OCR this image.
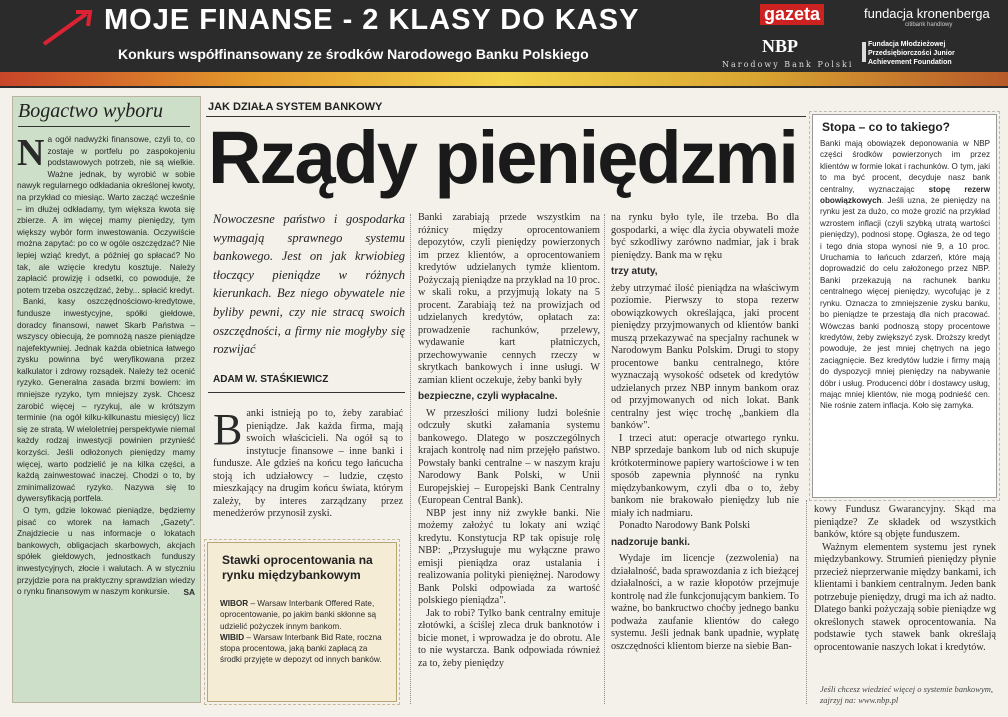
MOJE FINANSE - 2 KLASY DO KASY
Konkurs współfinansowany ze środków Narodowego Banku Polskiego
gazeta
NBP
Narodowy Bank Polski
fundacja kronenberga
citibank handlowy
Fundacja Młodzieżowej Przedsiębiorczości Junior Achievement Foundation
Bogactwo wyboru
N a ogół nadwyżki finansowe, czyli to, co zostaje w portfelu po zaspokojeniu podstawowych potrzeb, nie są wielkie. Ważne jednak, by wyrobić w sobie nawyk regularnego odkładania określonej kwoty, na przykład co miesiąc. Warto zacząć wcześnie – im dłużej odkładamy, tym większa kwota się zbierze. A im więcej mamy pieniędzy, tym większy wybór form inwestowania. Oczywiście można zapytać: po co w ogóle oszczędzać? Nie lepiej wziąć kredyt, a później go spłacać? No tak, ale wzięcie kredytu kosztuje. Należy zapłacić prowizję i odsetki, co powoduje, że potem trzeba oszczędzać, żeby... spłacić kredyt.

Banki, kasy oszczędnościowo-kredytowe, fundusze inwestycyjne, spółki giełdowe, doradcy finansowi, nawet Skarb Państwa – wszyscy obiecują, że pomnożą nasze pieniądze najefektywniej. Jednak każda obietnica łatwego zysku powinna być weryfikowana przez kalkulator i zdrowy rozsądek. Należy też ocenić ryzyko. Generalna zasada brzmi bowiem: im mniejsze ryzyko, tym mniejszy zysk. Chcesz zarobić więcej – ryzykuj, ale w krótszym terminie (na ogół kilku-kilkunastu miesięcy) licz się ze stratą. W wieloletniej perspektywie niemal każdy rodzaj inwestycji powinien przynieść korzyści. Jeśli odłożonych pieniędzy mamy więcej, warto podzielić je na kilka części, a każdą zainwestować inaczej. Chodzi o to, by zminimalizować ryzyko. Nazywa się to dywersyfikacją portfela.

O tym, gdzie lokować pieniądze, będziemy pisać co wtorek na łamach „Gazety". Znajdziecie u nas informacje o lokatach bankowych, obligacjach skarbowych, akcjach spółek giełdowych, jednostkach funduszy inwestycyjnych, złocie i walutach. A w styczniu przyjdzie pora na praktyczny sprawdzian wiedzy o rynku finansowym w naszym konkursie.	SA

JAK DZIAŁA SYSTEM BANKOWY
Rządy pieniędzmi
Nowoczesne państwo i gospodarka wymagają sprawnego systemu bankowego. Jest on jak krwiobieg tłoczący pieniądze w różnych kierunkach. Bez niego obywatele nie byliby pewni, czy nie stracą swoich oszczędności, a firmy nie mogłyby się rozwijać
ADAM W. STAŚKIEWICZ
B anki istnieją po to, żeby zarabiać pieniądze. Jak każda firma, mają swoich właścicieli. Na ogół są to instytucje finansowe – inne banki i fundusze. Ale gdzieś na końcu tego łańcucha stoją ich udziałowcy – ludzie, często mieszkający na drugim końcu świata, którym zależy, by interes zarządzany przez menedżerów przynosił zyski.

Stawki oprocentowania na rynku międzybankowym

WIBOR – Warsaw Interbank Offered Rate, oprocentowanie, po jakim banki skłonne są udzielić pożyczek innym bankom.

WIBID – Warsaw Interbank Bid Rate, roczna stopa procentowa, jaką banki zapłacą za środki przyjęte w depozyt od innych banków.

Banki zarabiają przede wszystkim na różnicy między oprocentowaniem depozytów, czyli pieniędzy powierzonych im przez klientów, a oprocentowaniem kredytów udzielanych tymże klientom. Pożyczają pieniądze na przykład na 10 proc. w skali roku, a przyjmują lokaty na 5 procent. Zarabiają też na prowizjach od udzielanych kredytów, opłatach za: prowadzenie rachunków, przelewy, wydawanie kart płatniczych, przechowywanie cennych rzeczy w skrytkach bankowych i inne usługi. W zamian klient oczekuje, żeby banki były

bezpieczne, czyli wypłacalne.

W przeszłości miliony ludzi boleśnie odczuły skutki załamania systemu bankowego. Dlatego w poszczególnych krajach kontrolę nad nim przejęło państwo. Powstały banki centralne – w naszym kraju Narodowy Bank Polski, w Unii Europejskiej – Europejski Bank Centralny (European Central Bank).

NBP jest inny niż zwykłe banki. Nie możemy założyć tu lokaty ani wziąć kredytu. Konstytucja RP tak opisuje rolę NBP: „Przysługuje mu wyłączne prawo emisji pieniądza oraz ustalania i realizowania polityki pieniężnej. Narodowy Bank Polski odpowiada za wartość polskiego pieniądza".

Jak to robi? Tylko bank centralny emituje złotówki, a ściślej zleca druk banknotów i bicie monet, i wprowadza je do obrotu. Ale to nie wystarcza. Bank odpowiada również za to, żeby pieniędzy

na rynku było tyle, ile trzeba. Bo dla gospodarki, a więc dla życia obywateli może być szkodliwy zarówno nadmiar, jak i brak pieniędzy. Bank ma w ręku

trzy atuty,

żeby utrzymać ilość pieniądza na właściwym poziomie. Pierwszy to stopa rezerw obowiązkowych określająca, jaki procent pieniędzy przyjmowanych od klientów banki muszą przekazywać na specjalny rachunek w Narodowym Banku Polskim. Drugi to stopy procentowe banku centralnego, które wyznaczają wysokość odsetek od kredytów udzielanych przez NBP innym bankom oraz od przyjmowanych od nich lokat. Bank centralny jest więc trochę „bankiem dla banków".

I trzeci atut: operacje otwartego rynku. NBP sprzedaje bankom lub od nich skupuje krótkoterminowe papiery wartościowe i w ten sposób zapewnia płynność na rynku międzybankowym, czyli dba o to, żeby bankom nie brakowało pieniędzy lub nie miały ich nadmiaru.

Ponadto Narodowy Bank Polski

nadzoruje banki.

Wydaje im licencje (zezwolenia) na działalność, bada sprawozdania z ich bieżącej działalności, a w razie kłopotów przejmuje kontrolę nad źle funkcjonującym bankiem. To ważne, bo bankructwo choćby jednego banku podważa zaufanie klientów do całego systemu. Jeśli jednak bank upadnie, wypłatę oszczędności klientom bierze na siebie Ban-

Stopa – co to takiego?

Banki mają obowiązek deponowania w NBP części środków powierzonych im przez klientów w formie lokat i rachunków. O tym, jaki to ma być procent, decyduje nasz bank centralny, wyznaczając stopę rezerw obowiązkowych. Jeśli uzna, że pieniędzy na rynku jest za dużo, co może grozić na przykład wzrostem inflacji (czyli szybką utratą wartości pieniędzy), podnosi stopę. Ogłasza, że od tego i tego dnia stopa wynosi nie 9, a 10 proc. Uruchamia to łańcuch zdarzeń, które mają doprowadzić do celu założonego przez NBP. Banki przekazują na rachunek banku centralnego więcej pieniędzy, wycofując je z rynku. Oznacza to zmniejszenie zysku banku, bo pieniądze te przestają dla nich pracować. Wówczas banki podnoszą stopy procentowe kredytów, żeby zwiększyć zysk. Droższy kredyt powoduje, że jest mniej chętnych na jego zaciągnięcie. Bez kredytów ludzie i firmy mają do dyspozycji mniej pieniędzy na nabywanie dóbr i usług. Producenci dóbr i dostawcy usług, mając mniej klientów, nie mogą podnieść cen. Nie rośnie zatem inflacja. Koło się zamyka.

kowy Fundusz Gwarancyjny. Skąd ma pieniądze? Ze składek od wszystkich banków, które są objęte funduszem.

Ważnym elementem systemu jest rynek międzybankowy. Strumień pieniędzy płynie przecież nieprzerwanie między bankami, ich klientami i bankiem centralnym. Jeden bank potrzebuje pieniędzy, drugi ma ich aż nadto. Dlatego banki pożyczają sobie pieniądze wg określonych stawek oprocentowania. Na podstawie tych stawek bank określają oprocentowanie naszych lokat i kredytów.

Jeśli chcesz wiedzieć więcej o systemie bankowym, zajrzyj na: www.nbp.pl
